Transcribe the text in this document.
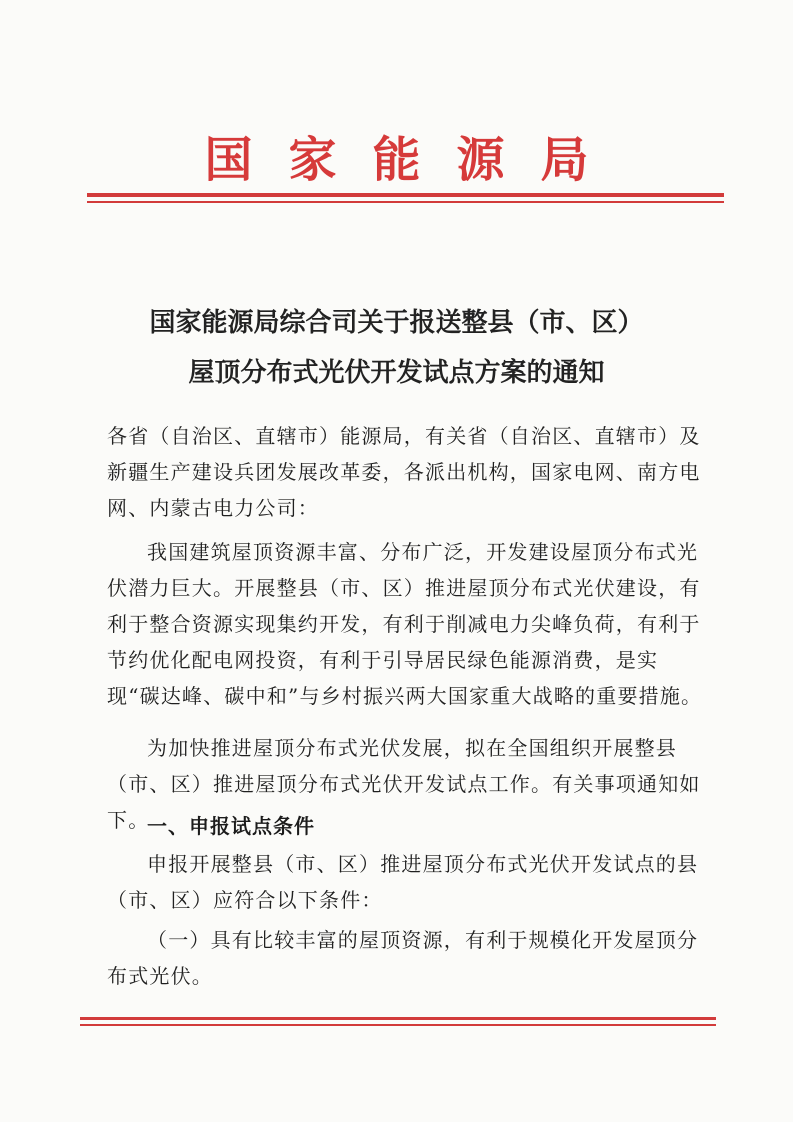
国家能源局
国家能源局综合司关于报送整县（市、区）
屋顶分布式光伏开发试点方案的通知
各省（自治区、直辖市）能源局，有关省（自治区、直辖市）及新疆生产建设兵团发展改革委，各派出机构，国家电网、南方电网、内蒙古电力公司：
我国建筑屋顶资源丰富、分布广泛，开发建设屋顶分布式光伏潜力巨大。开展整县（市、区）推进屋顶分布式光伏建设，有利于整合资源实现集约开发，有利于削减电力尖峰负荷，有利于节约优化配电网投资，有利于引导居民绿色能源消费，是实现“碳达峰、碳中和”与乡村振兴两大国家重大战略的重要措施。
为加快推进屋顶分布式光伏发展，拟在全国组织开展整县（市、区）推进屋顶分布式光伏开发试点工作。有关事项通知如下。
一、申报试点条件
申报开展整县（市、区）推进屋顶分布式光伏开发试点的县（市、区）应符合以下条件：
（一）具有比较丰富的屋顶资源，有利于规模化开发屋顶分布式光伏。
